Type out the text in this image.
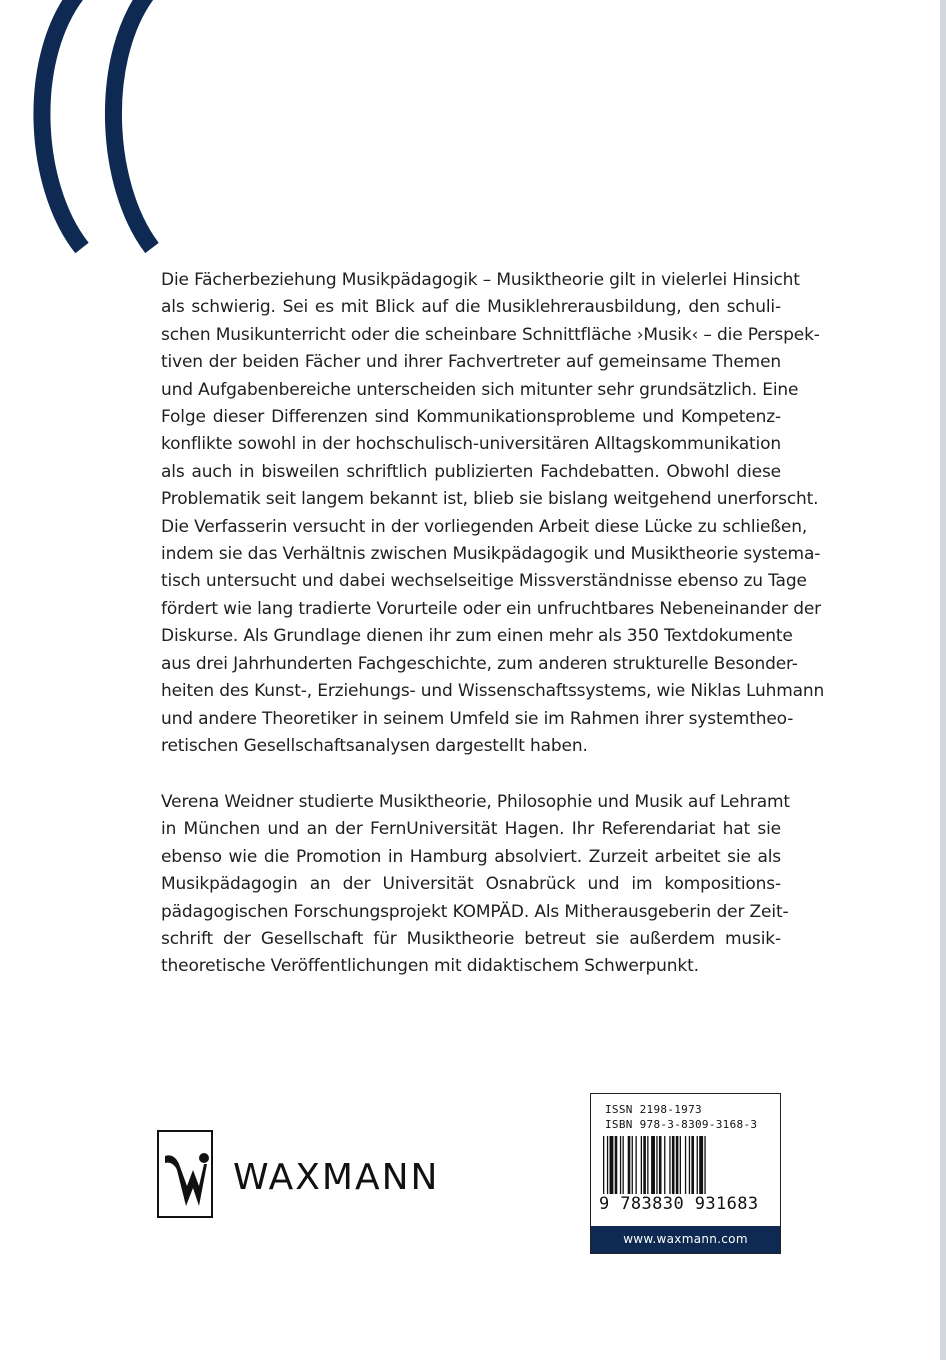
Die Fächerbeziehung Musikpädagogik – Musiktheorie gilt in vielerlei Hinsicht
als schwierig. Sei es mit Blick auf die Musiklehrerausbildung, den schuli-
schen Musikunterricht oder die scheinbare Schnittfläche ›Musik‹ – die Perspek-
tiven der beiden Fächer und ihrer Fachvertreter auf gemeinsame Themen
und Aufgabenbereiche unterscheiden sich mitunter sehr grundsätzlich. Eine
Folge dieser Differenzen sind Kommunikationsprobleme und Kompetenz-
konflikte sowohl in der hochschulisch-universitären Alltagskommunikation
als auch in bisweilen schriftlich publizierten Fachdebatten. Obwohl diese
Problematik seit langem bekannt ist, blieb sie bislang weitgehend unerforscht.
Die Verfasserin versucht in der vorliegenden Arbeit diese Lücke zu schließen,
indem sie das Verhältnis zwischen Musikpädagogik und Musiktheorie systema-
tisch untersucht und dabei wechselseitige Missverständnisse ebenso zu Tage
fördert wie lang tradierte Vorurteile oder ein unfruchtbares Nebeneinander der
Diskurse. Als Grundlage dienen ihr zum einen mehr als 350 Textdokumente
aus drei Jahrhunderten Fachgeschichte, zum anderen strukturelle Besonder-
heiten des Kunst-, Erziehungs- und Wissenschaftssystems, wie Niklas Luhmann
und andere Theoretiker in seinem Umfeld sie im Rahmen ihrer systemtheo-
retischen Gesellschaftsanalysen dargestellt haben.
Verena Weidner studierte Musiktheorie, Philosophie und Musik auf Lehramt
in München und an der FernUniversität Hagen. Ihr Referendariat hat sie
ebenso wie die Promotion in Hamburg absolviert. Zurzeit arbeitet sie als
Musikpädagogin an der Universität Osnabrück und im kompositions-
pädagogischen Forschungsprojekt KOMPÄD. Als Mitherausgeberin der Zeit-
schrift der Gesellschaft für Musiktheorie betreut sie außerdem musik-
theoretische Veröffentlichungen mit didaktischem Schwerpunkt.
WAXMANN
ISSN 2198-1973
ISBN 978-3-8309-3168-3
9 783830 931683
www.waxmann.com
